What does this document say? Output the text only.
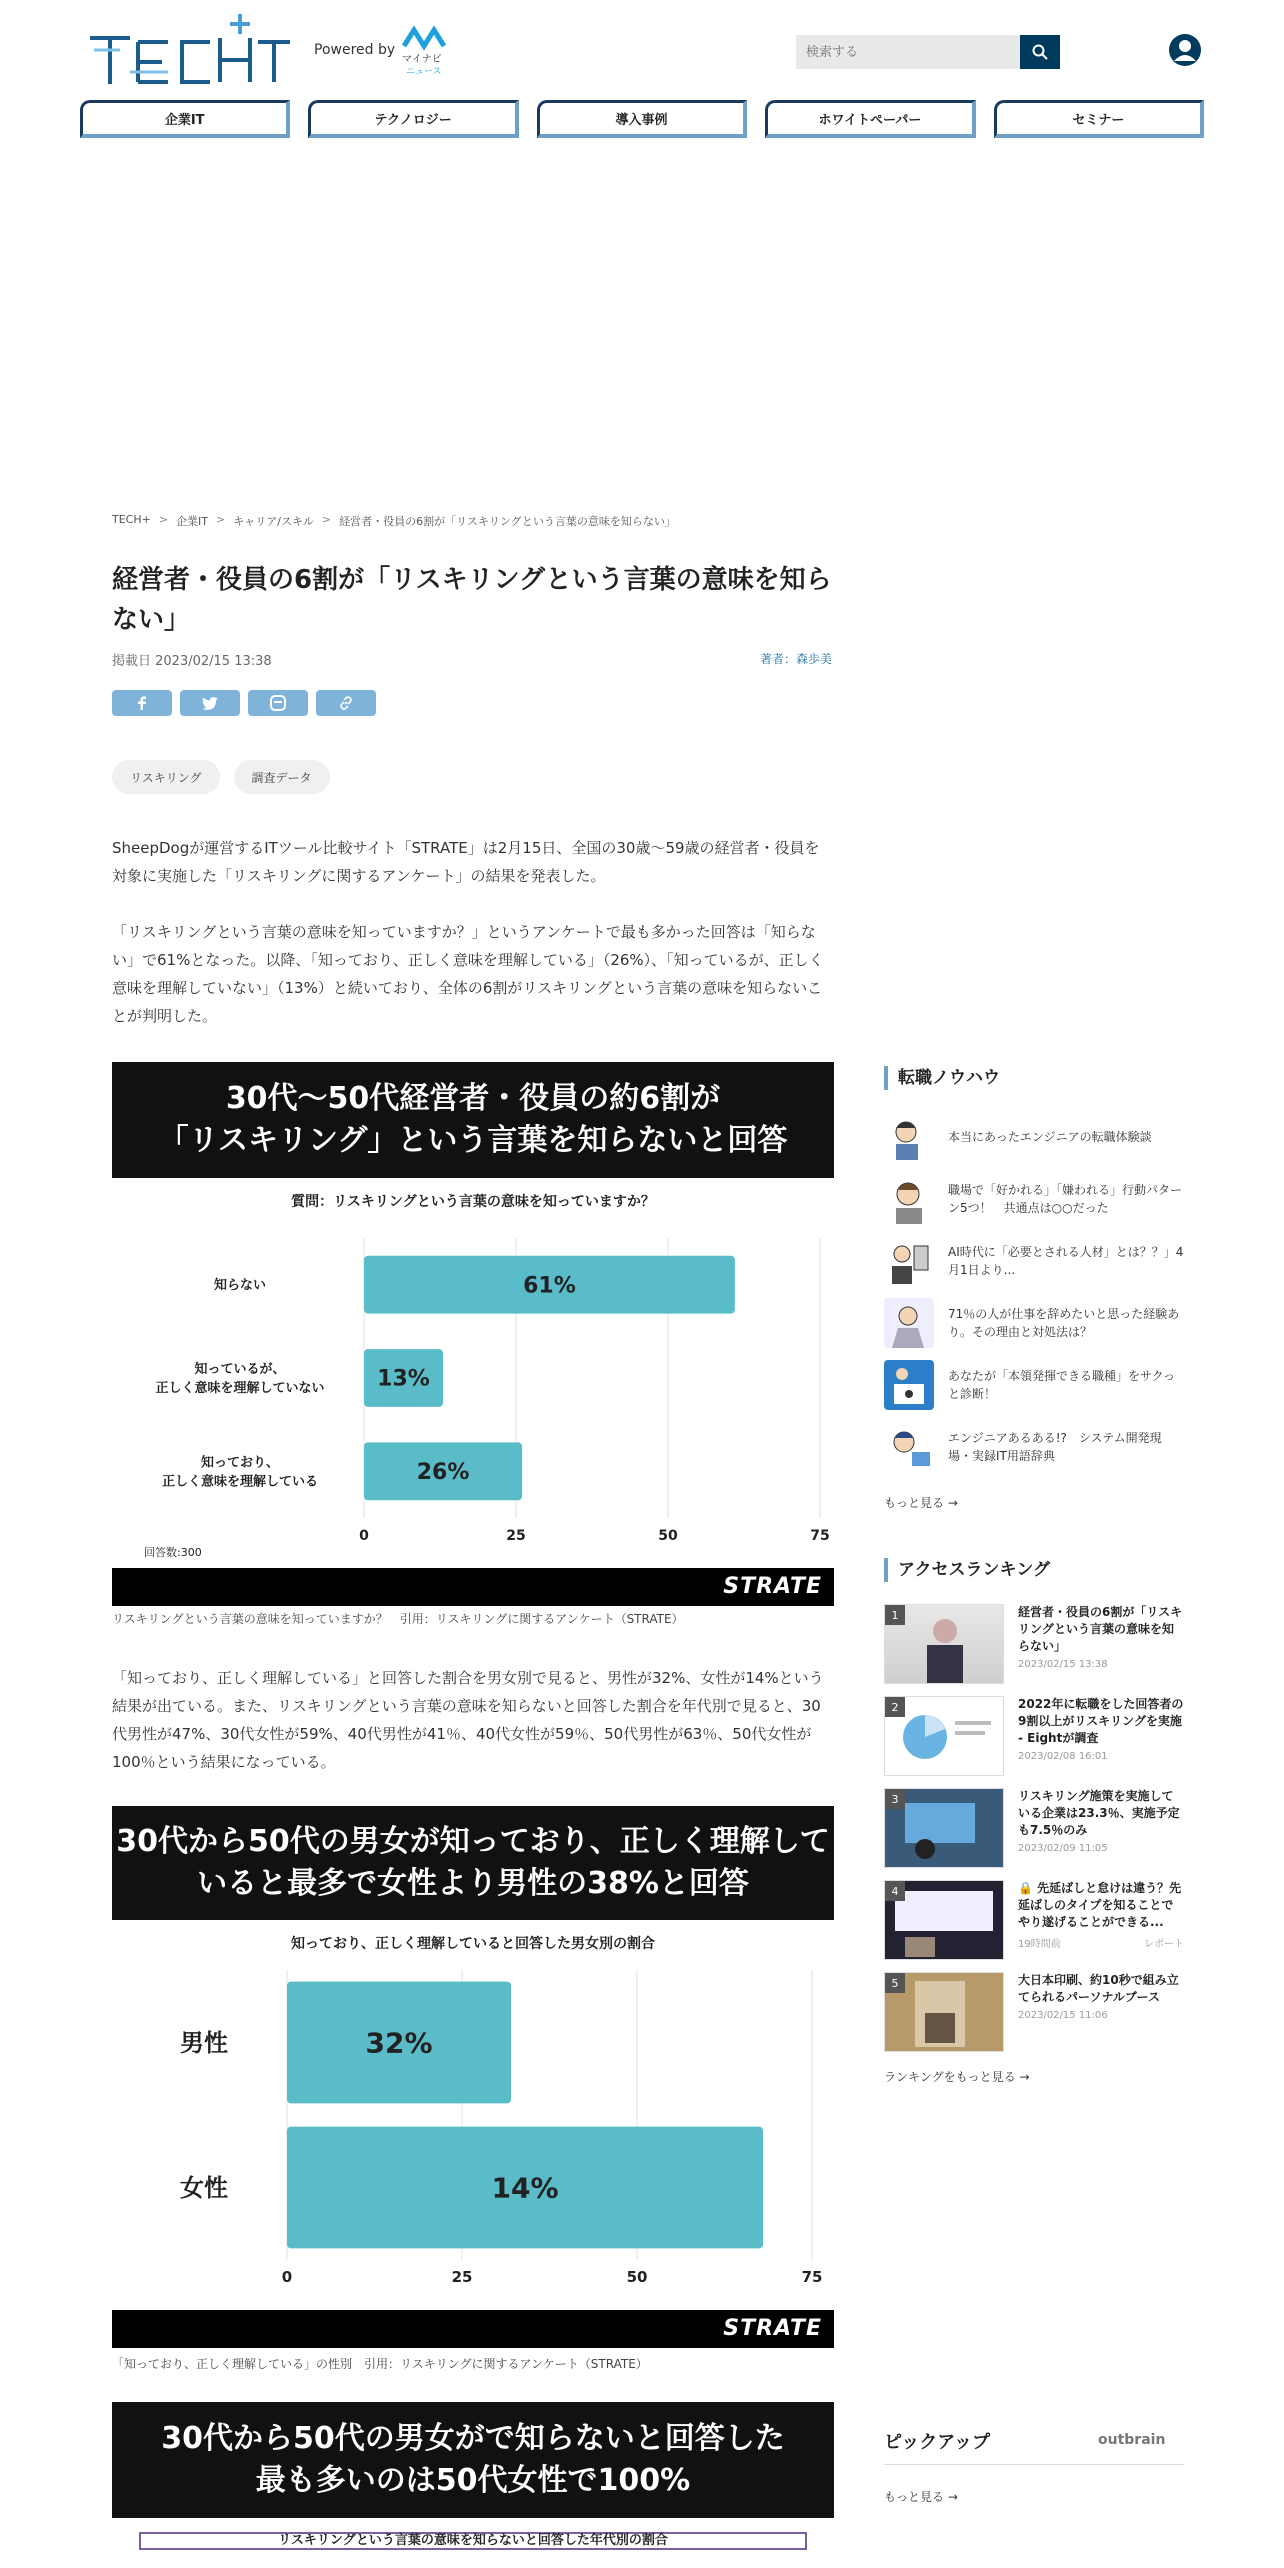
Powered by
マイナビ
ニュース
検索する
企業IT	テクノロジー	導入事例	ホワイトペーパー	セミナー
TECH+ > 企業IT > キャリア/スキル > 経営者・役員の6割が「リスキリングという言葉の意味を知らない」
経営者・役員の6割が「リスキリングという言葉の意味を知らない」
掲載日 2023/02/15 13:38	著者：森歩美
リスキリング	調査データ

SheepDogが運営するITツール比較サイト「STRATE」は2月15日、全国の30歳〜59歳の経営者・役員を対象に実施した「リスキリングに関するアンケート」の結果を発表した。

「リスキリングという言葉の意味を知っていますか？」というアンケートで最も多かった回答は「知らない」で61%となった。以降、「知っており、正しく意味を理解している」（26%）、「知っているが、正しく意味を理解していない」（13%）と続いており、全体の6割がリスキリングという言葉の意味を知らないことが判明した。

30代〜50代経営者・役員の約6割が
「リスキリング」という言葉を知らないと回答
質問：リスキリングという言葉の意味を知っていますか？
0	25	50	75
61%
知らない
13%
知っているが、
正しく意味を理解していない
26%
知っており、
正しく意味を理解している
回答数:300
STRATE
リスキリングという言葉の意味を知っていますか？　引用：リスキリングに関するアンケート（STRATE）

「知っており、正しく理解している」と回答した割合を男女別で見ると、男性が32%、女性が14%という結果が出ている。また、リスキリングという言葉の意味を知らないと回答した割合を年代別で見ると、30代男性が47%、30代女性が59%、40代男性が41％、40代女性が59％、50代男性が63％、50代女性が100％という結果になっている。

30代から50代の男女が知っており、正しく理解して
いると最多で女性より男性の38%と回答
知っており、正しく理解していると回答した男女別の割合
0	25	50	75
32%
男性
14%
女性
STRATE
「知っており、正しく理解している」の性別　引用：リスキリングに関するアンケート（STRATE）
30代から50代の男女がで知らないと回答した
最も多いのは50代女性で100%
リスキリングという言葉の意味を知らないと回答した年代別の割合
転職ノウハウ
本当にあったエンジニアの転職体験談
職場で「好かれる」「嫌われる」行動パターン5つ！　共通点は○○だった
AI時代に「必要とされる人材」とは？？」4月1日より...
71％の人が仕事を辞めたいと思った経験あり。その理由と対処法は？
あなたが「本領発揮できる職種」をサクっと診断！
エンジニアあるある!?　システム開発現場・実録IT用語辞典
もっと見る →
アクセスランキング
1	経営者・役員の6割が「リスキリングという言葉の意味を知らない」
2023/02/15 13:38
2	2022年に転職をした回答者の9割以上がリスキリングを実施 - Eightが調査
2023/02/08 16:01
3	リスキリング施策を実施している企業は23.3％、実施予定も7.5％のみ
2023/02/09 11:05
4	🔒 先延ばしと怠けは違う？先延ばしのタイプを知ることでやり遂げることができる...
19時間前	レポート
5	大日本印刷、約10秒で組み立てられるパーソナルブース
2023/02/15 11:06
ランキングをもっと見る →
ピックアップ	outbrain
もっと見る →
